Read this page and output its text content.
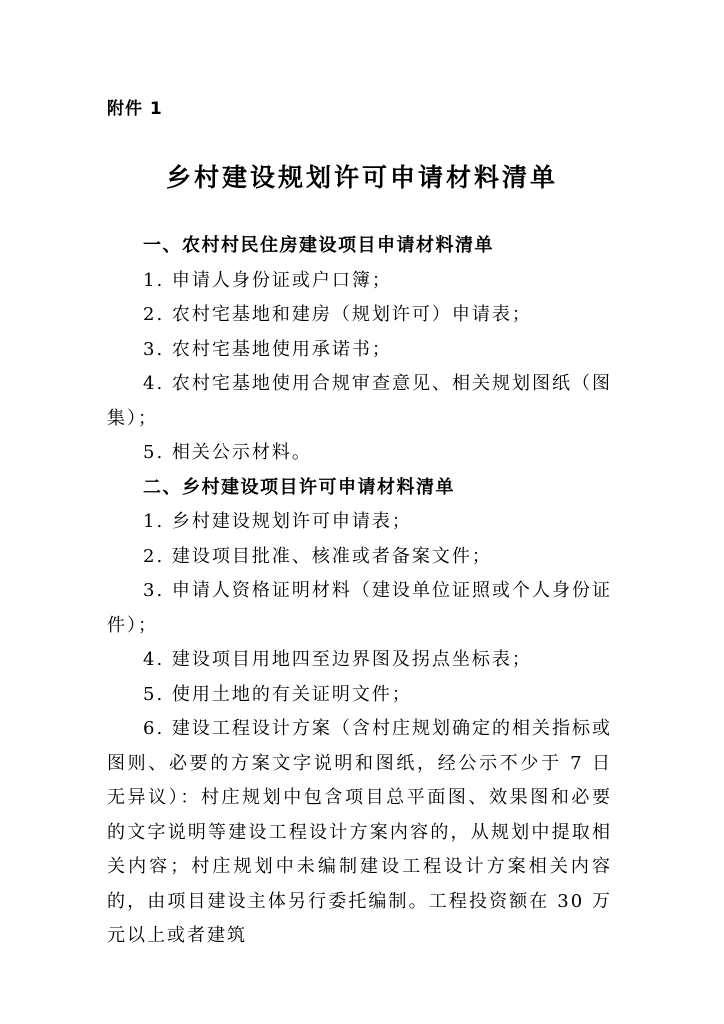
附件 1
乡村建设规划许可申请材料清单
一、农村村民住房建设项目申请材料清单
1. 申请人身份证或户口簿；
2. 农村宅基地和建房（规划许可）申请表；
3. 农村宅基地使用承诺书；
4. 农村宅基地使用合规审查意见、相关规划图纸（图集）；
5. 相关公示材料。
二、乡村建设项目许可申请材料清单
1. 乡村建设规划许可申请表；
2. 建设项目批准、核准或者备案文件；
3. 申请人资格证明材料（建设单位证照或个人身份证件）；
4. 建设项目用地四至边界图及拐点坐标表；
5. 使用土地的有关证明文件；
6. 建设工程设计方案（含村庄规划确定的相关指标或图则、必要的方案文字说明和图纸，经公示不少于 7 日无异议）：村庄规划中包含项目总平面图、效果图和必要的文字说明等建设工程设计方案内容的，从规划中提取相关内容；村庄规划中未编制建设工程设计方案相关内容的，由项目建设主体另行委托编制。工程投资额在 30 万元以上或者建筑
